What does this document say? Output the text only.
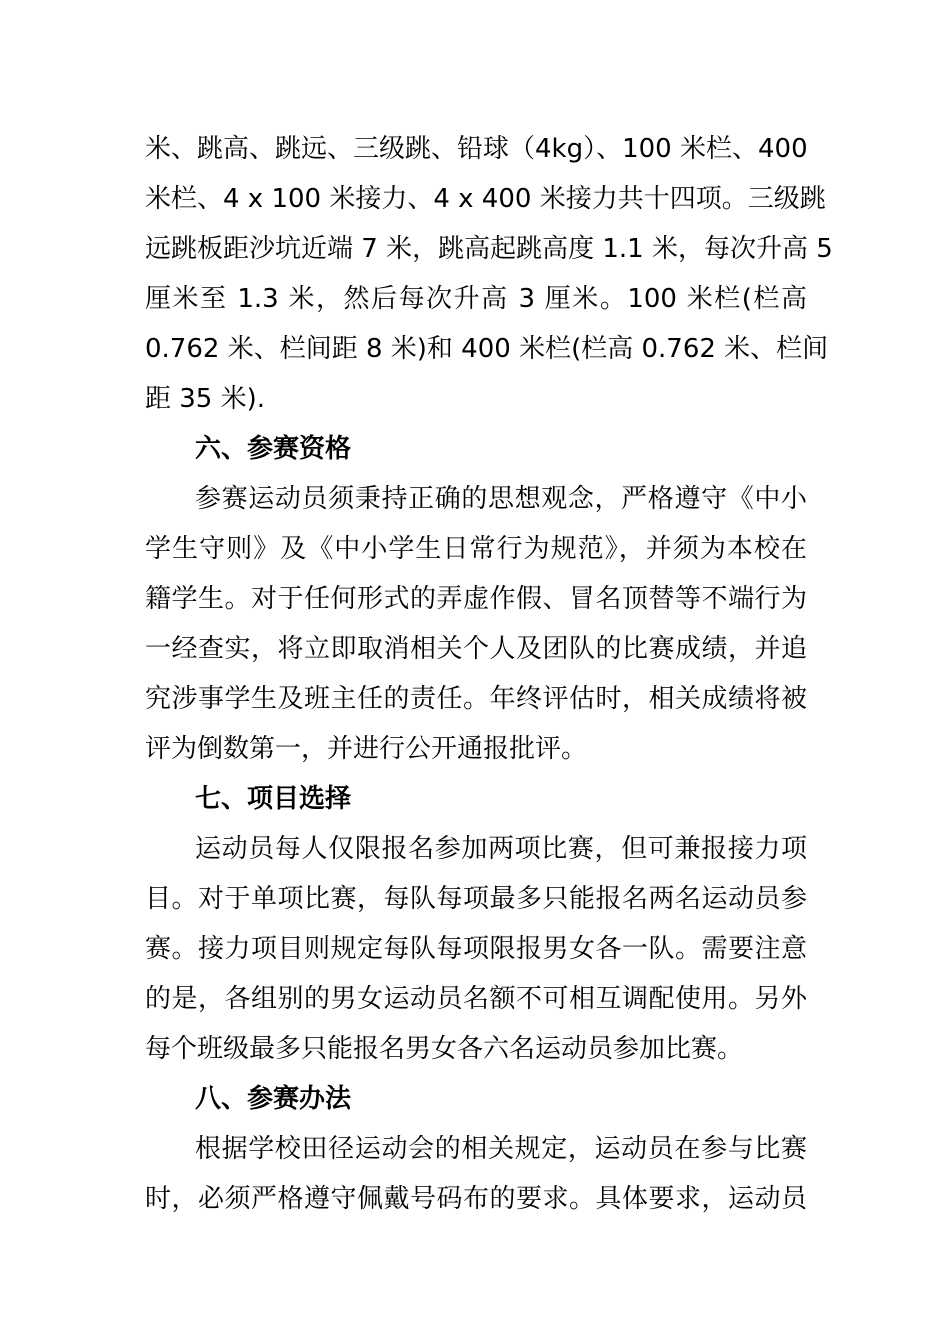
米、跳高、跳远、三级跳、铅球（4kg）、100 米栏、400
米栏、4 x 100 米接力、4 x 400 米接力共十四项。三级跳
远跳板距沙坑近端 7 米，跳高起跳高度 1.1 米，每次升高 5
厘米至 1.3 米，然后每次升高 3 厘米。100 米栏(栏高
0.762 米、栏间距 8 米)和 400 米栏(栏高 0.762 米、栏间
距 35 米).
六、参赛资格
参赛运动员须秉持正确的思想观念，严格遵守《中小
学生守则》及《中小学生日常行为规范》，并须为本校在
籍学生。对于任何形式的弄虚作假、冒名顶替等不端行为
一经查实，将立即取消相关个人及团队的比赛成绩，并追
究涉事学生及班主任的责任。年终评估时，相关成绩将被
评为倒数第一，并进行公开通报批评。
七、项目选择
运动员每人仅限报名参加两项比赛，但可兼报接力项
目。对于单项比赛，每队每项最多只能报名两名运动员参
赛。接力项目则规定每队每项限报男女各一队。需要注意
的是，各组别的男女运动员名额不可相互调配使用。另外
每个班级最多只能报名男女各六名运动员参加比赛。
八、参赛办法
根据学校田径运动会的相关规定，运动员在参与比赛
时，必须严格遵守佩戴号码布的要求。具体要求，运动员
